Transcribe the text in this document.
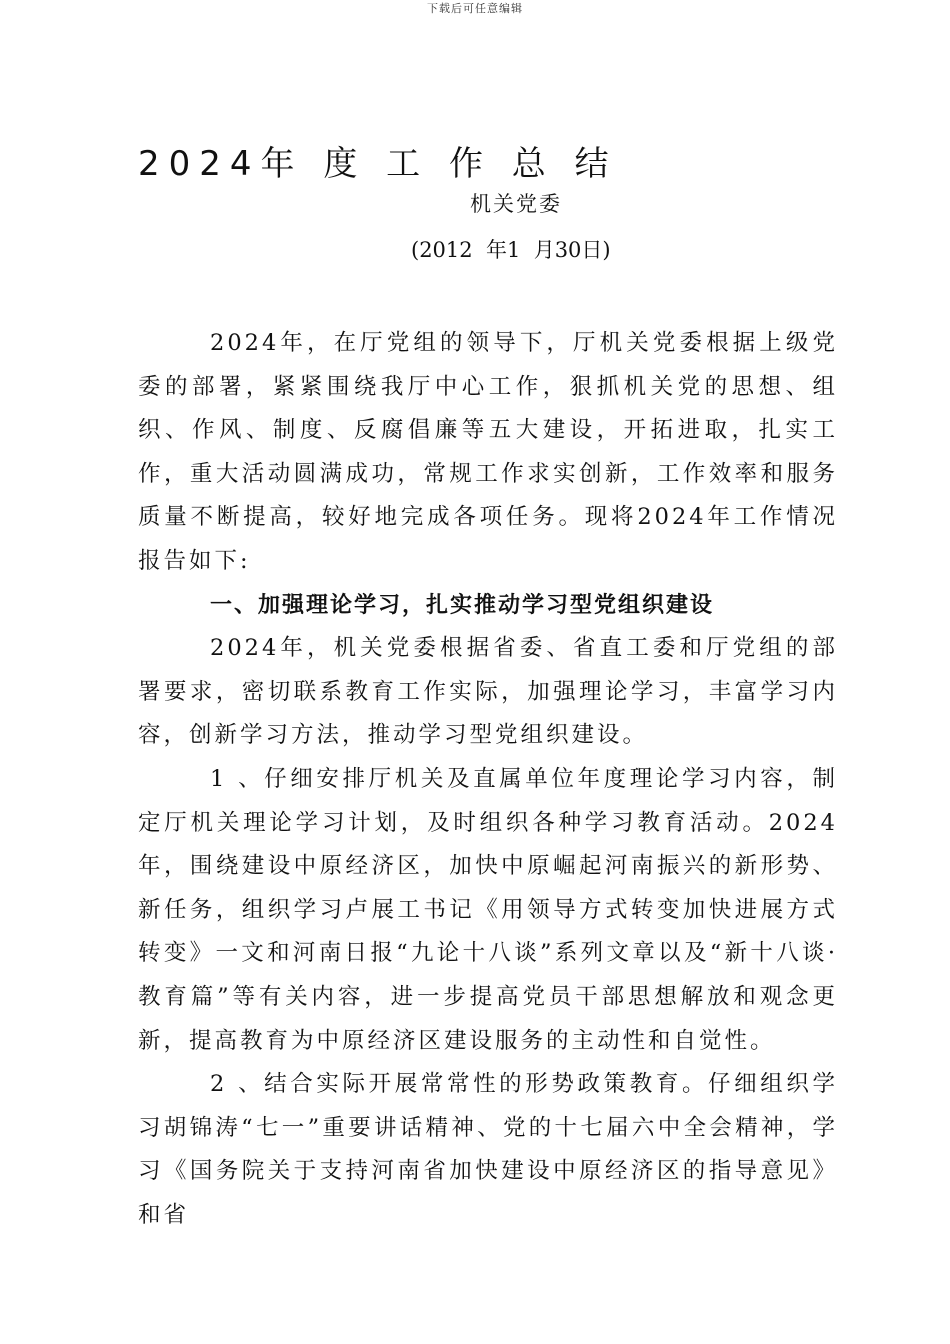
下载后可任意编辑
2024年 度 工 作 总 结
机关党委
(2012  年1  月30日)

2024年，在厅党组的领导下，厅机关党委根据上级党委的部署，紧紧围绕我厅中心工作，狠抓机关党的思想、组织、作风、制度、反腐倡廉等五大建设，开拓进取，扎实工作，重大活动圆满成功，常规工作求实创新，工作效率和服务质量不断提高，较好地完成各项任务。现将2024年工作情况报告如下:

一、加强理论学习，扎实推动学习型党组织建设

2024年，机关党委根据省委、省直工委和厅党组的部署要求，密切联系教育工作实际，加强理论学习，丰富学习内容，创新学习方法，推动学习型党组织建设。

1 、仔细安排厅机关及直属单位年度理论学习内容，制定厅机关理论学习计划，及时组织各种学习教育活动。2024年，围绕建设中原经济区，加快中原崛起河南振兴的新形势、新任务，组织学习卢展工书记《用领导方式转变加快进展方式转变》一文和河南日报“九论十八谈”系列文章以及“新十八谈·教育篇”等有关内容，进一步提高党员干部思想解放和观念更新，提高教育为中原经济区建设服务的主动性和自觉性。

2 、结合实际开展常常性的形势政策教育。仔细组织学习胡锦涛“七一”重要讲话精神、党的十七届六中全会精神，学习《国务院关于支持河南省加快建设中原经济区的指导意见》和省
